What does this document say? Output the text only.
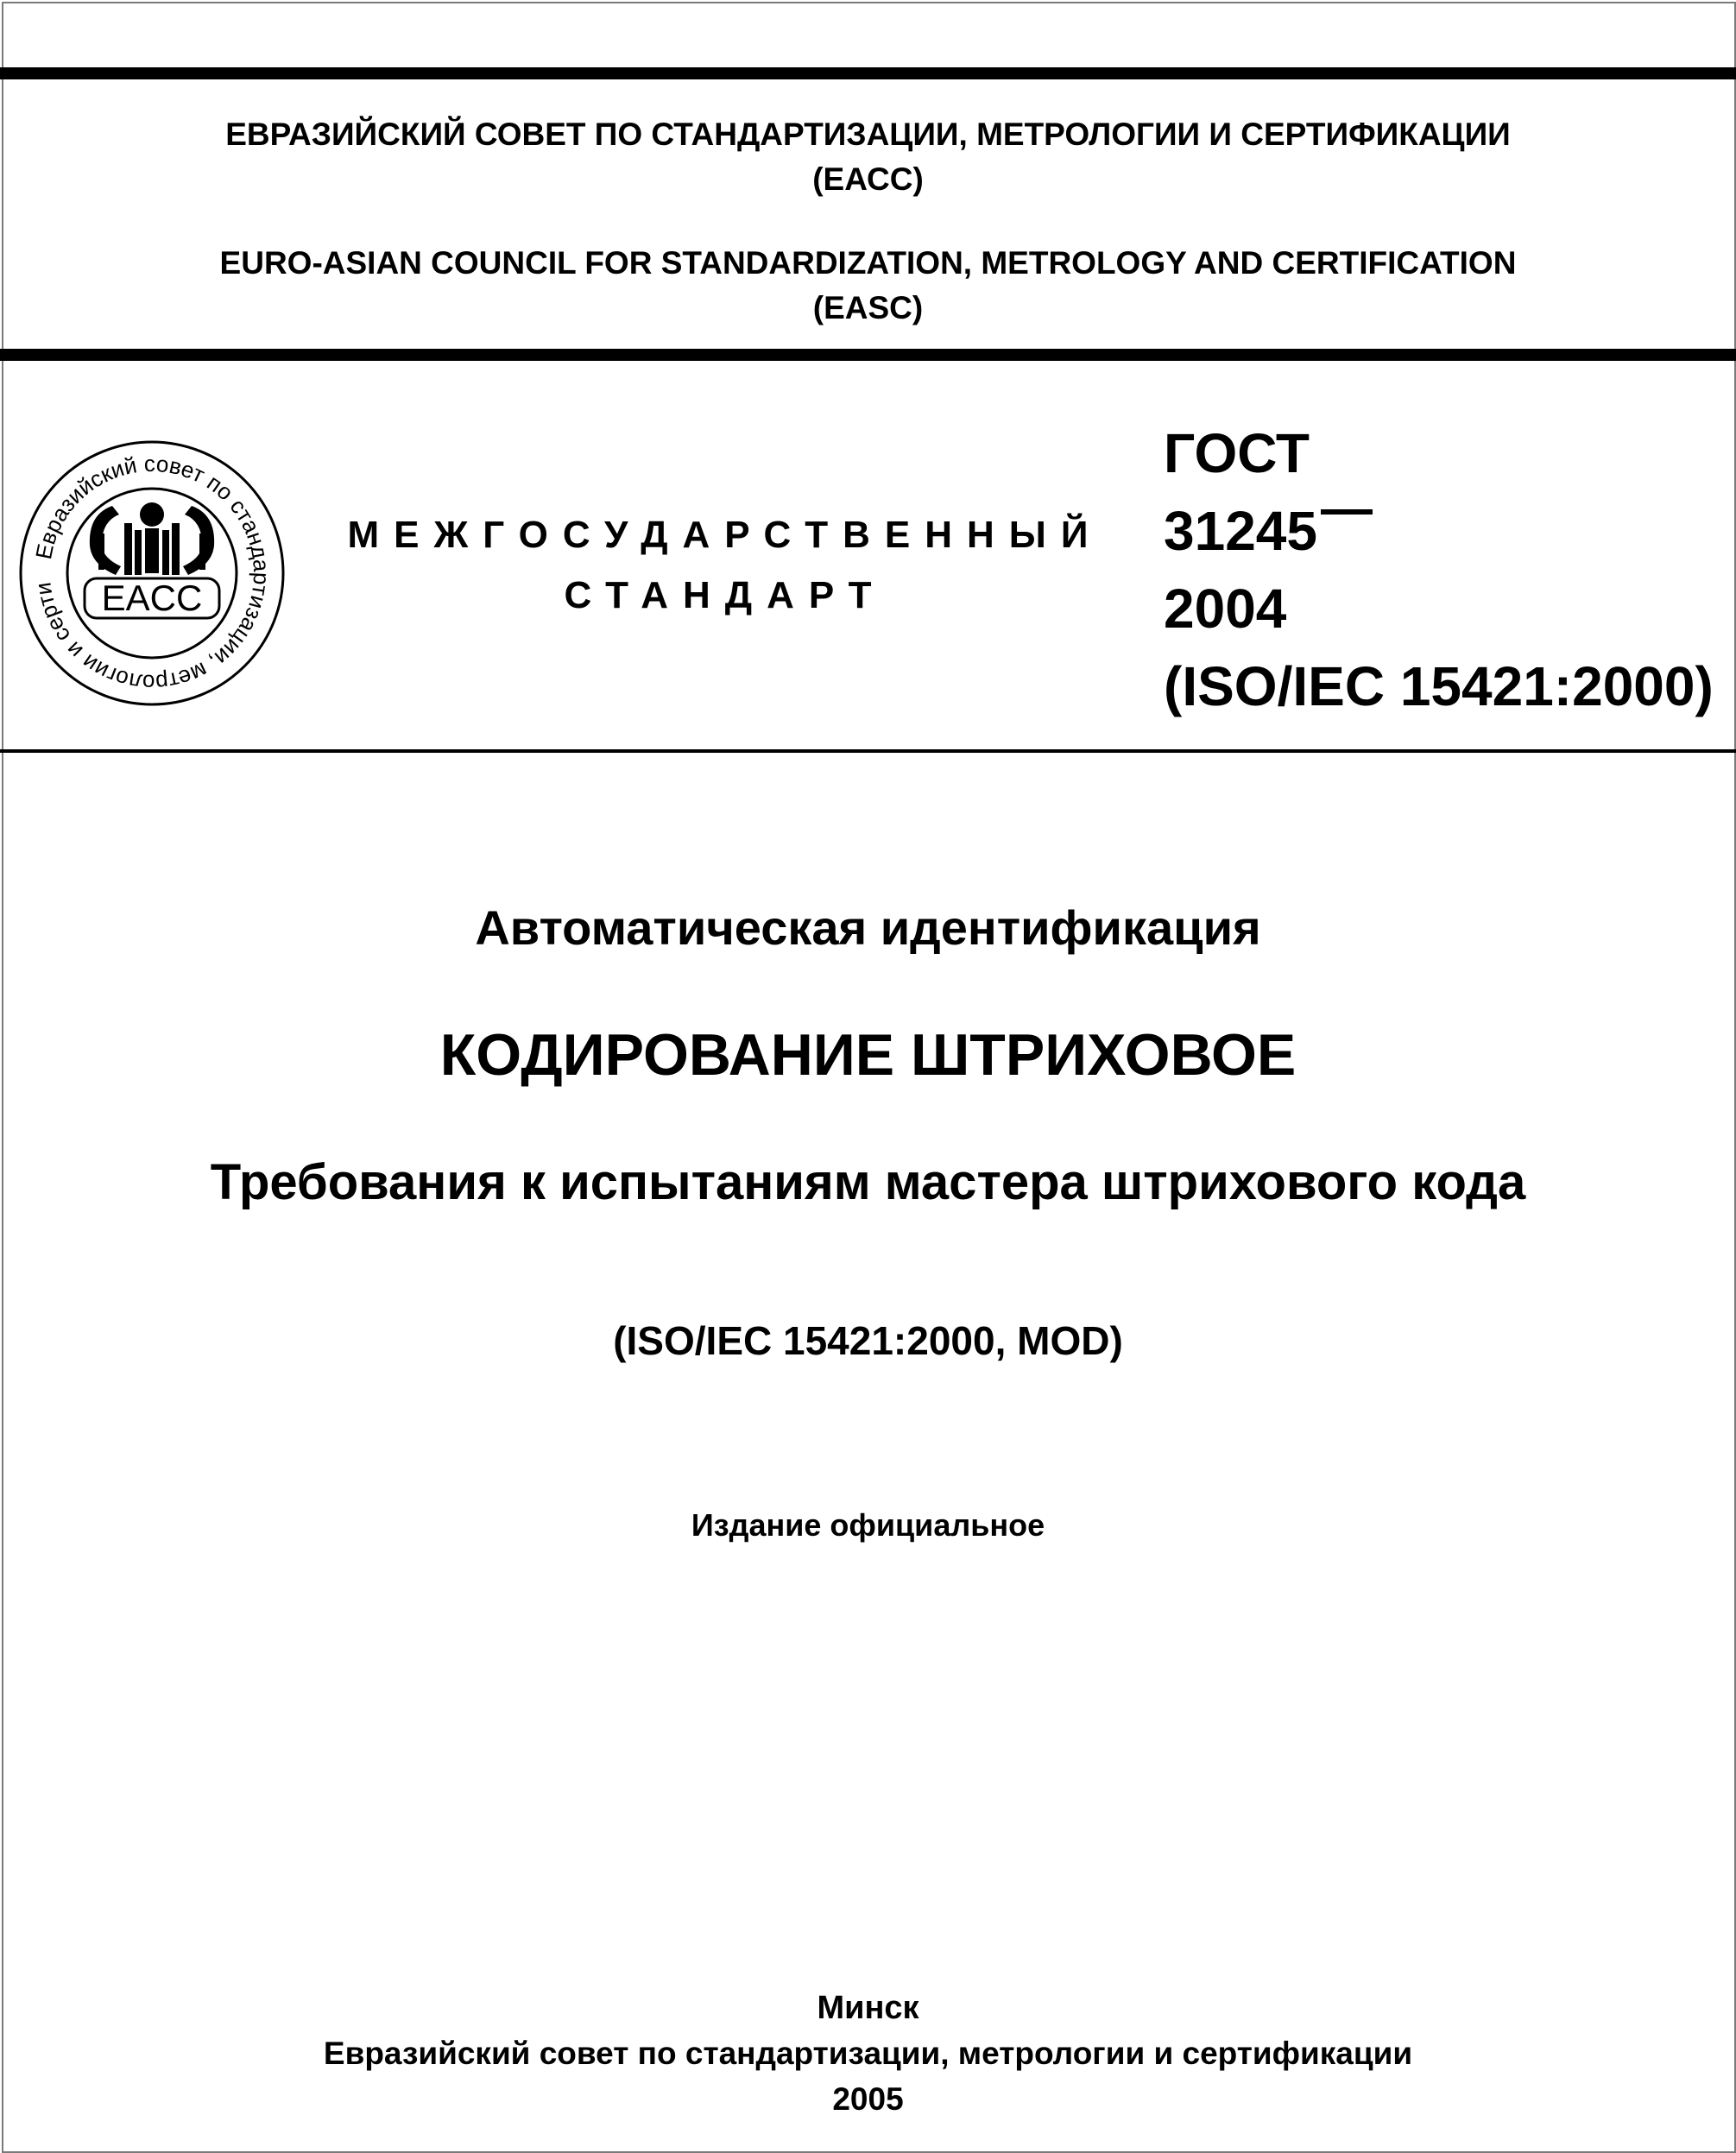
ЕВРАЗИЙСКИЙ СОВЕТ ПО СТАНДАРТИЗАЦИИ, МЕТРОЛОГИИ И СЕРТИФИКАЦИИ
(ЕАСС)
EURO-ASIAN COUNCIL FOR STANDARDIZATION, METROLOGY AND CERTIFICATION
(EASC)
Евразийский совет по стандартизации, метрологии и серти	EACC
МЕЖГОСУДАРСТВЕННЫЙ
СТАНДАРТ
ГОСТ
31245
2004
(ISO/IEC 15421:2000)
Автоматическая идентификация
КОДИРОВАНИЕ ШТРИХОВОЕ
Требования к испытаниям мастера штрихового кода
(ISO/IEC 15421:2000, MOD)
Издание официальное
Минск
Евразийский совет по стандартизации, метрологии и сертификации
2005
